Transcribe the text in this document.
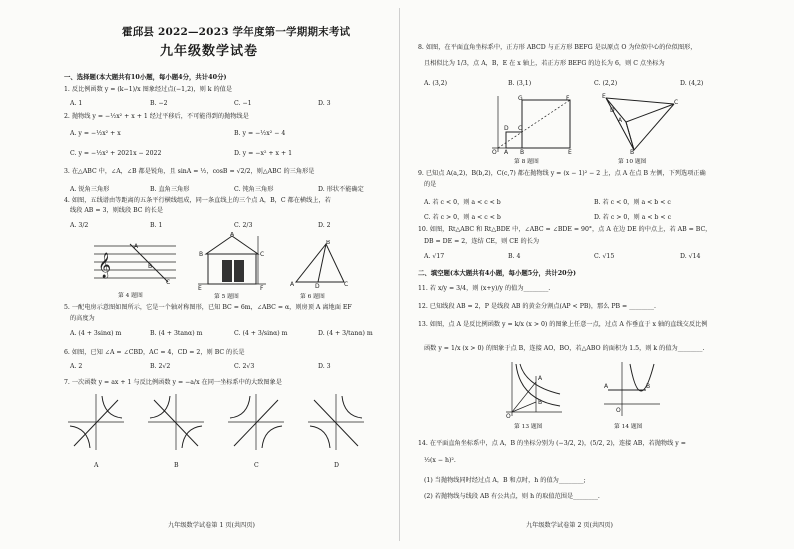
霍邱县 2022—2023 学年度第一学期期末考试
九年级数学试卷
一、选择题(本大题共有10小题，每小题4分，共计40分)
1. 反比例函数 y = (k−1)/x 图象经过点(−1,2)，则 k 的值是
A. 1	B. −2	C. −1	D. 3
2. 抛物线 y = −½x² + x + 1 经过平移后，不可能得到的抛物线是
A. y = −½x² + x	B. y = −½x² − 4
C. y = −½x² + 2021x − 2022	D. y = −x² + x + 1
3. 在△ABC 中，∠A，∠B 都是锐角，且 sinA = ½，cosB = √2/2，则△ABC 的三角形是
A. 锐角三角形	B. 直角三角形	C. 钝角三角形	D. 形状不能确定
4. 如图，五线谱由等距离的五条平行横线组成，同一条直线上的三个点 A，B，C 都在横线上，若
线段 AB = 3，则线段 BC 的长是
A. 3/2	B. 1	C. 2/3	D. 2
𝄞
A
B
C
第 4 题图
A
B	C
E	F
第 5 题图
B
A	D	C
第 6 题图
5. 一配电房示意图如图所示，它是一个轴对称图形，已知 BC = 6m，∠ABC = α，则房顶 A 离地面 EF
的高度为
A. (4 + 3sinα) m	B. (4 + 3tanα) m	C. (4 + 3/sinα) m	D. (4 + 3/tanα) m
6. 如图，已知 ∠A = ∠CBD，AC = 4，CD = 2，则 BC 的长是
A. 2	B. 2√2	C. 2√3	D. 3
7. 一次函数 y = ax + 1 与反比例函数 y = −a/x 在同一坐标系中的大致图象是
A	B	C	D
九年级数学试卷第 1 页(共四页)
8. 如图，在平面直角坐标系中，正方形 ABCD 与正方形 BEFG 是以原点 O 为位似中心的位似图形，
且相似比为 1/3，点 A，B，E 在 x 轴上，若正方形 BEFG 的边长为 6，则 C 点坐标为
A. (3,2)	B. (3,1)	C. (2,2)	D. (4,2)
O A B	E
D C
G	F
第 8 题图
E
A
C
B
D
第 10 题图
9. 已知点 A(a,2)，B(b,2)，C(c,7) 都在抛物线 y = (x − 1)² − 2 上，点 A 在点 B 左侧，下列选项正确
的是
A. 若 c < 0，则 a < c < b	B. 若 c < 0，则 a < b < c
C. 若 c > 0，则 a < c < b	D. 若 c > 0，则 a < b < c
10. 如图，Rt△ABC 和 Rt△BDE 中，∠ABC = ∠BDE = 90°，点 A 在边 DE 的中点上，若 AB = BC，
DB = DE = 2，连结 CE，则 CE 的长为
A. √17	B. 4	C. √15	D. √14
二、填空题(本大题共有4小题，每小题5分，共计20分)
11. 若 x/y = 3/4，则 (x+y)/y 的值为________.
12. 已知线段 AB = 2，P 是线段 AB 的黄金分割点(AP < PB)，那么 PB = ________.
13. 如图，点 A 是反比例函数 y = k/x (x > 0) 的图象上任意一点，过点 A 作垂直于 x 轴的直线交反比例
函数 y = 1/x (x > 0) 的图象于点 B，连接 AO，BO，若△ABO 的面积为 1.5，则 k 的值为________.
A
B
O
第 13 题图
A	B
O
第 14 题图
14. 在平面直角坐标系中，点 A，B 的坐标分别为 (−3/2, 2)，(5/2, 2)，连接 AB，若抛物线 y =
½(x − h)².
(1) 当抛物线同时经过点 A，B 和点时，h 的值为________;
(2) 若抛物线与线段 AB 有公共点，则 h 的取值范围是________.
九年级数学试卷第 2 页(共四页)
